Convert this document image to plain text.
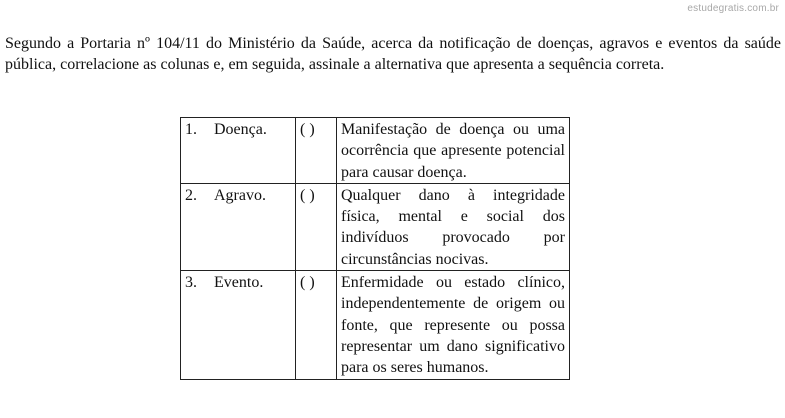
estudegratis.com.br

Segundo a Portaria nº 104/11 do Ministério da Saúde, acerca da notificação de doenças, agravos e eventos da saúde pública, correlacione as colunas e, em seguida, assinale a alternativa que apresenta a sequência correta.

1. Doença.	( )	Manifestação de doença ou uma ocorrência que apresente potencial para causar doença.
2. Agravo.	( )	Qualquer dano à integridade física, mental e social dos indivíduos provocado por circunstâncias nocivas.
3. Evento.	( )	Enfermidade ou estado clínico, independentemente de origem ou fonte, que represente ou possa representar um dano significativo para os seres humanos.
